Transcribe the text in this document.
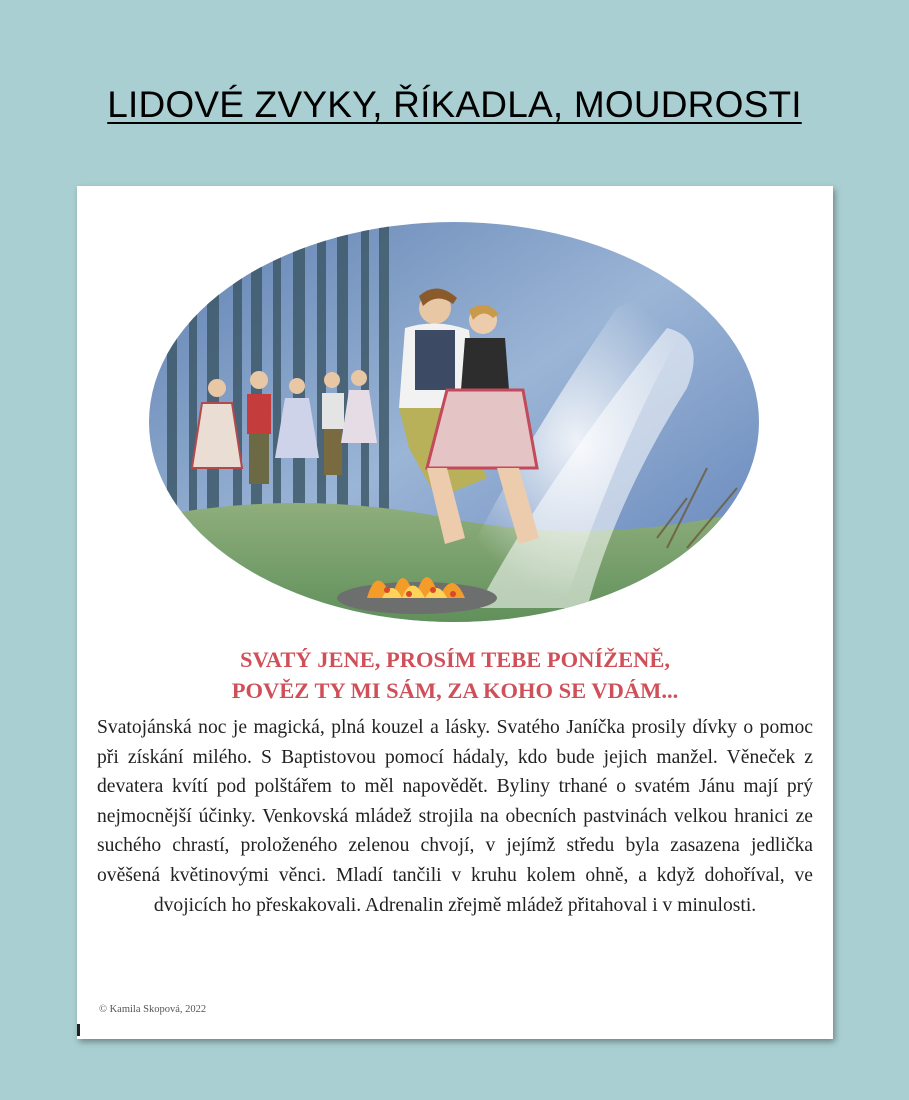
LIDOVÉ ZVYKY, ŘÍKADLA, MOUDROSTI
SVATÝ JENE, PROSÍM TEBE PONÍŽENĚ,
POVĚZ TY MI SÁM, ZA KOHO SE VDÁM...
Svatojánská noc je magická, plná kouzel a lásky. Svatého Janíčka prosily dívky o pomoc při získání milého. S Baptistovou pomocí hádaly, kdo bude jejich manžel. Věneček z devatera kvítí pod polštářem to měl napovědět. Byliny trhané o svatém Jánu mají prý nejmocnější účinky. Venkovská mládež strojila na obecních pastvinách velkou hranici ze suchého chrastí, proloženého zelenou chvojí, v jejímž středu byla zasazena jedlička ověšená květinovými věnci. Mladí tančili v kruhu kolem ohně, a když dohoříval, ve dvojicích ho přeskakovali. Adrenalin zřejmě mládež přitahoval i v minulosti.
© Kamila Skopová, 2022
